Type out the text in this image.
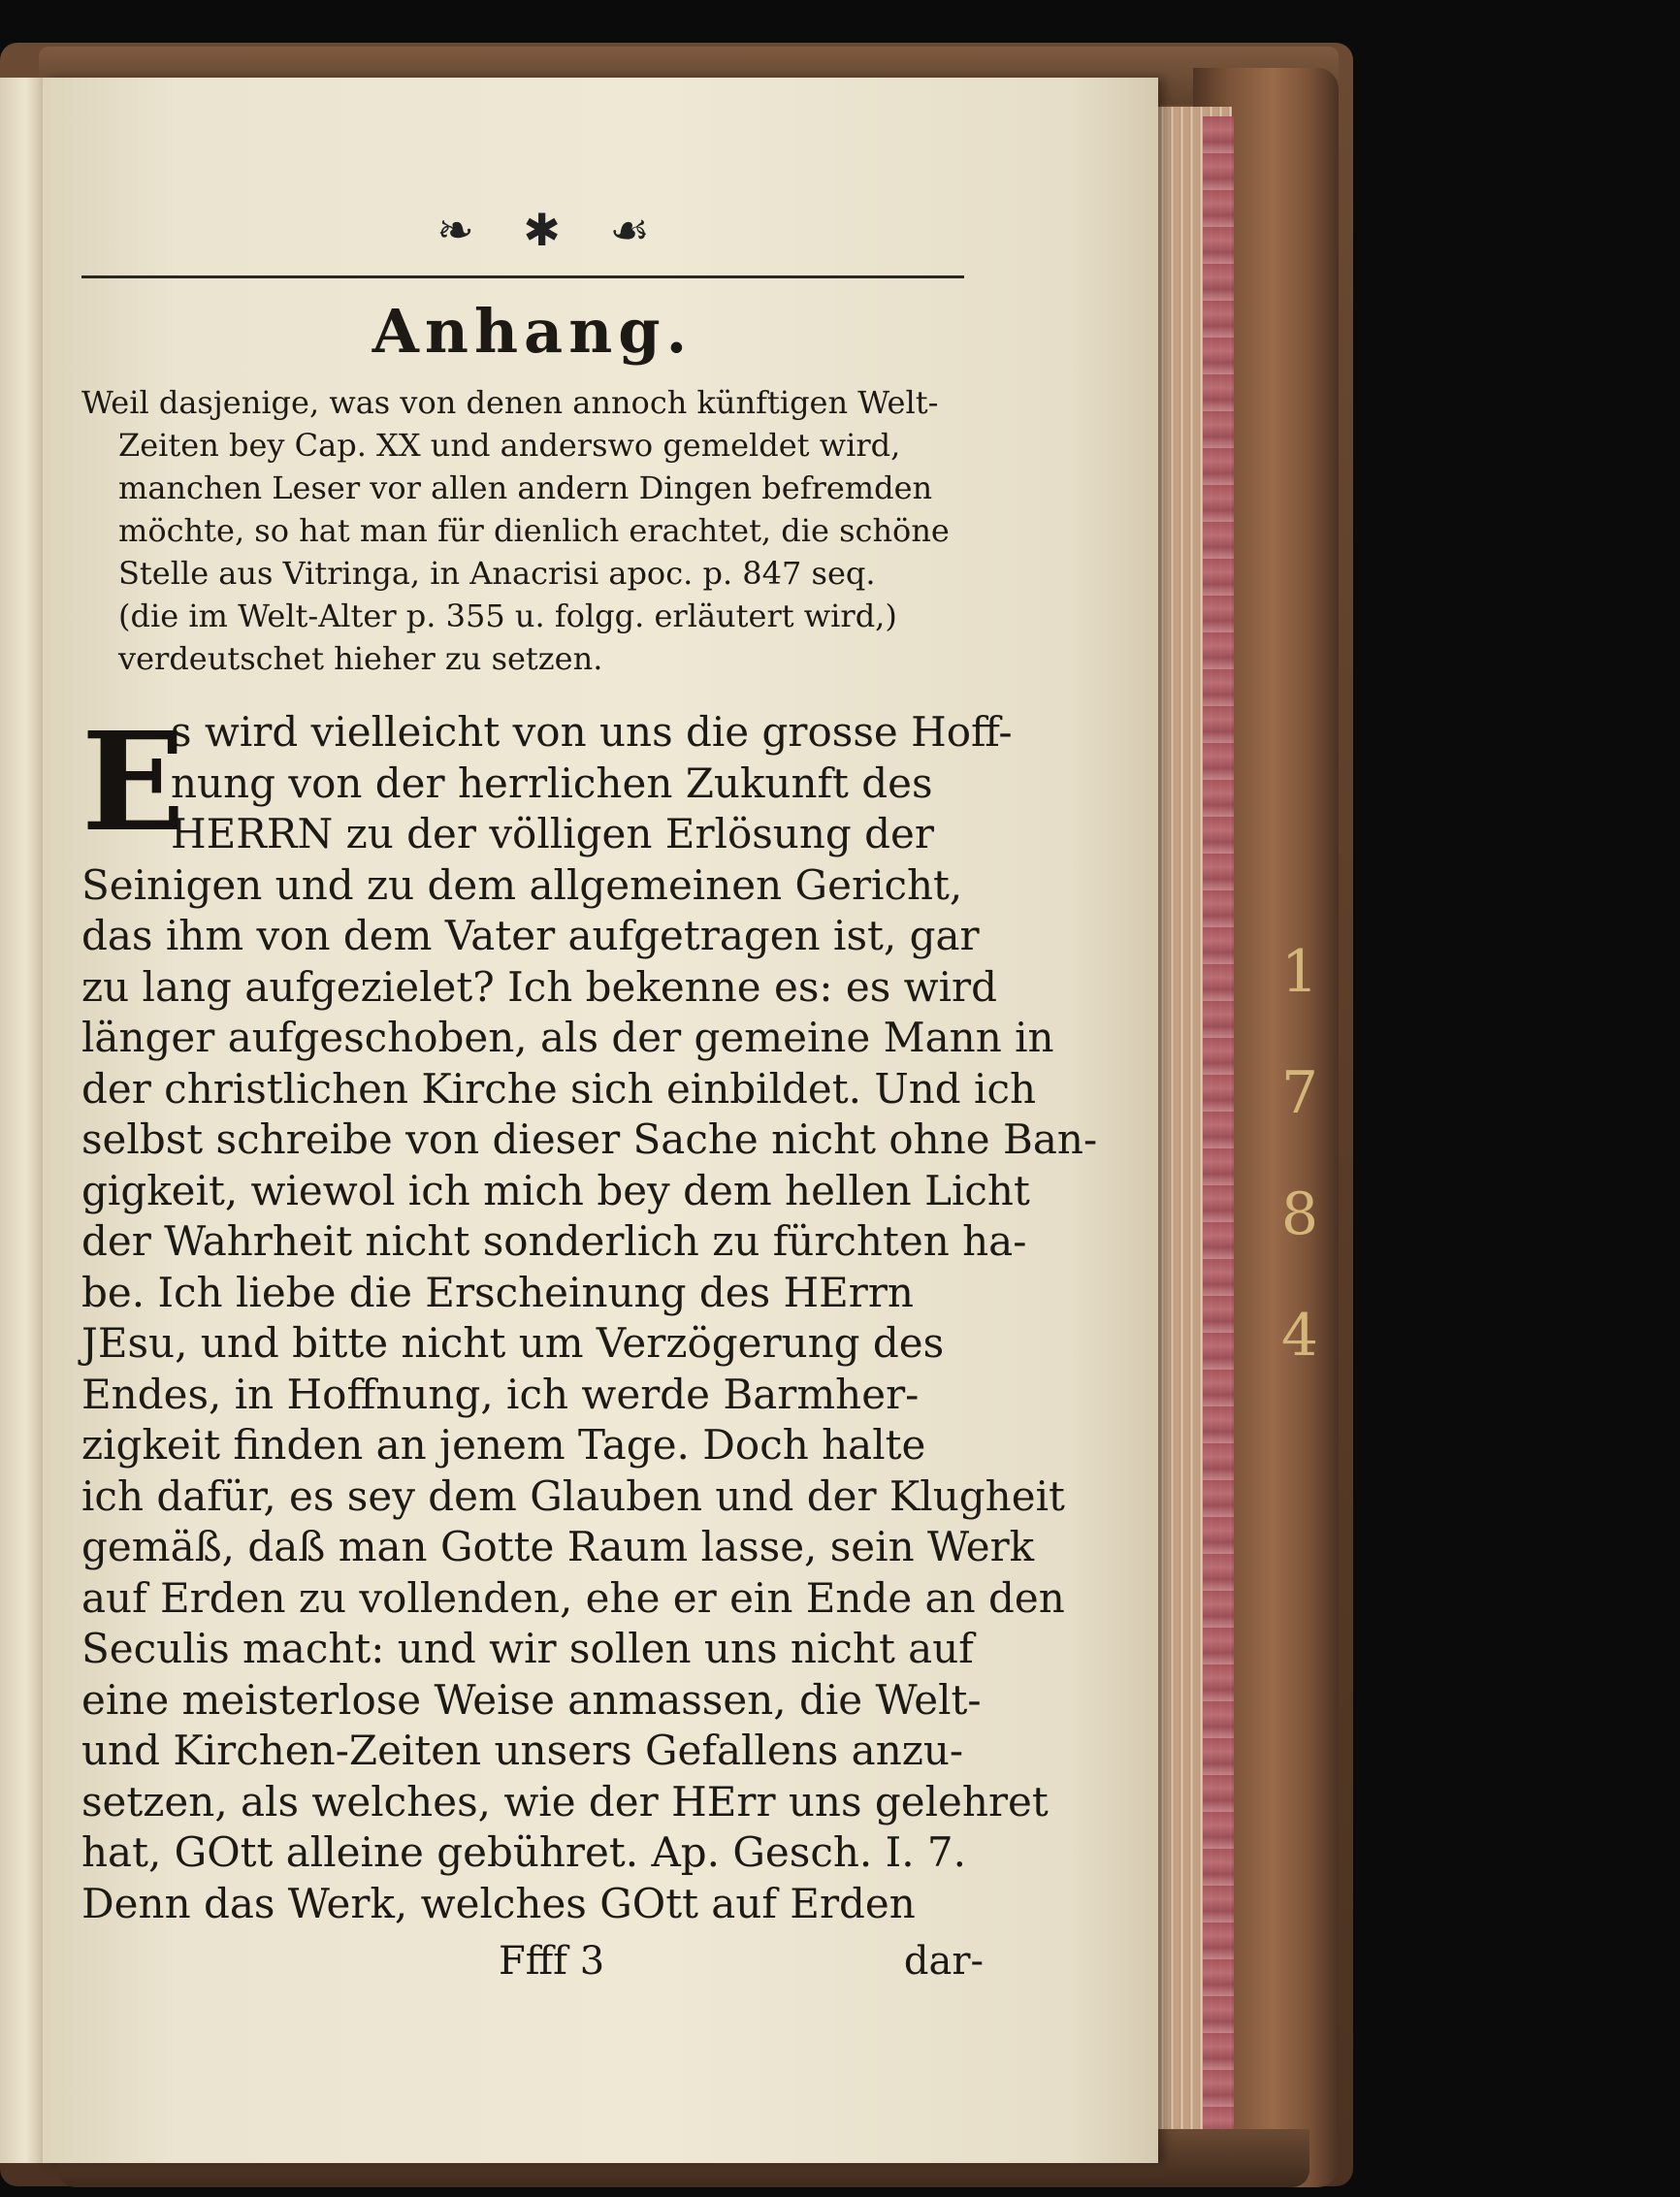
1
7
8
4
❧ ✱ ☙
Anhang.

Weil dasjenige, was von denen annoch künftigen Welt-

Zeiten bey Cap. XX und anderswo gemeldet wird,

manchen Leser vor allen andern Dingen befremden

möchte, so hat man für dienlich erachtet, die schöne

Stelle aus Vitringa, in Anacrisi apoc. p. 847 seq.

(die im Welt-Alter p. 355 u. folgg. erläutert wird,)

verdeutschet hieher zu setzen.

E

s wird vielleicht von uns die grosse Hoff-

nung von der herrlichen Zukunft des

HERRN zu der völligen Erlösung der

Seinigen und zu dem allgemeinen Gericht,

das ihm von dem Vater aufgetragen ist, gar

zu lang aufgezielet? Ich bekenne es: es wird

länger aufgeschoben, als der gemeine Mann in

der christlichen Kirche sich einbildet. Und ich

selbst schreibe von dieser Sache nicht ohne Ban-

gigkeit, wiewol ich mich bey dem hellen Licht

der Wahrheit nicht sonderlich zu fürchten ha-

be. Ich liebe die Erscheinung des HErrn

JEsu, und bitte nicht um Verzögerung des

Endes, in Hoffnung, ich werde Barmher-

zigkeit finden an jenem Tage. Doch halte

ich dafür, es sey dem Glauben und der Klugheit

gemäß, daß man Gotte Raum lasse, sein Werk

auf Erden zu vollenden, ehe er ein Ende an den

Seculis macht: und wir sollen uns nicht auf

eine meisterlose Weise anmassen, die Welt-

und Kirchen-Zeiten unsers Gefallens anzu-

setzen, als welches, wie der HErr uns gelehret

hat, GOtt alleine gebühret. Ap. Gesch. I. 7.

Denn das Werk, welches GOtt auf Erden

Ffff 3	dar-
